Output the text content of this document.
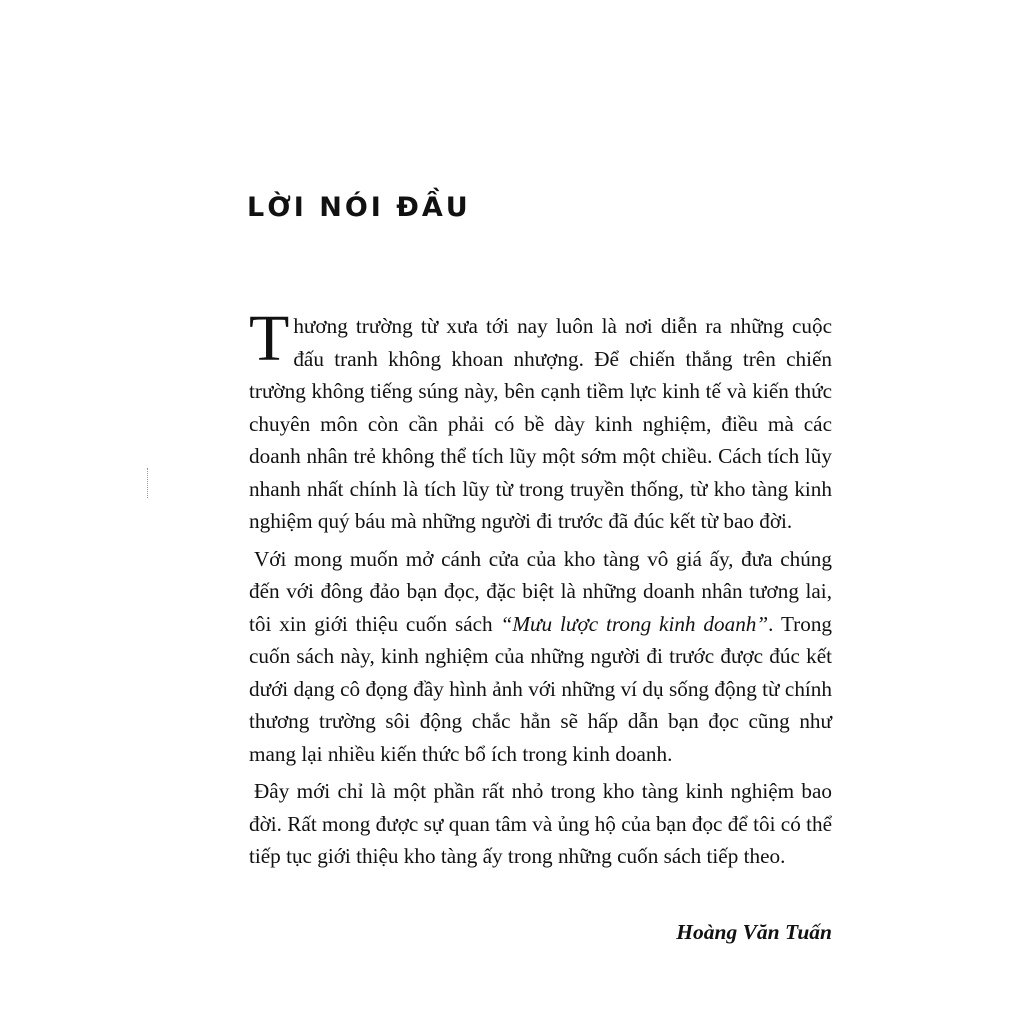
LỜI NÓI ĐẦU

Thương trường từ xưa tới nay luôn là nơi diễn ra những cuộc đấu tranh không khoan nhượng. Để chiến thắng trên chiến trường không tiếng súng này, bên cạnh tiềm lực kinh tế và kiến thức chuyên môn còn cần phải có bề dày kinh nghiệm, điều mà các doanh nhân trẻ không thể tích lũy một sớm một chiều. Cách tích lũy nhanh nhất chính là tích lũy từ trong truyền thống, từ kho tàng kinh nghiệm quý báu mà những người đi trước đã đúc kết từ bao đời.

Với mong muốn mở cánh cửa của kho tàng vô giá ấy, đưa chúng đến với đông đảo bạn đọc, đặc biệt là những doanh nhân tương lai, tôi xin giới thiệu cuốn sách “Mưu lược trong kinh doanh”. Trong cuốn sách này, kinh nghiệm của những người đi trước được đúc kết dưới dạng cô đọng đầy hình ảnh với những ví dụ sống động từ chính thương trường sôi động chắc hẳn sẽ hấp dẫn bạn đọc cũng như mang lại nhiều kiến thức bổ ích trong kinh doanh.

Đây mới chỉ là một phần rất nhỏ trong kho tàng kinh nghiệm bao đời. Rất mong được sự quan tâm và ủng hộ của bạn đọc để tôi có thể tiếp tục giới thiệu kho tàng ấy trong những cuốn sách tiếp theo.

Hoàng Văn Tuấn
